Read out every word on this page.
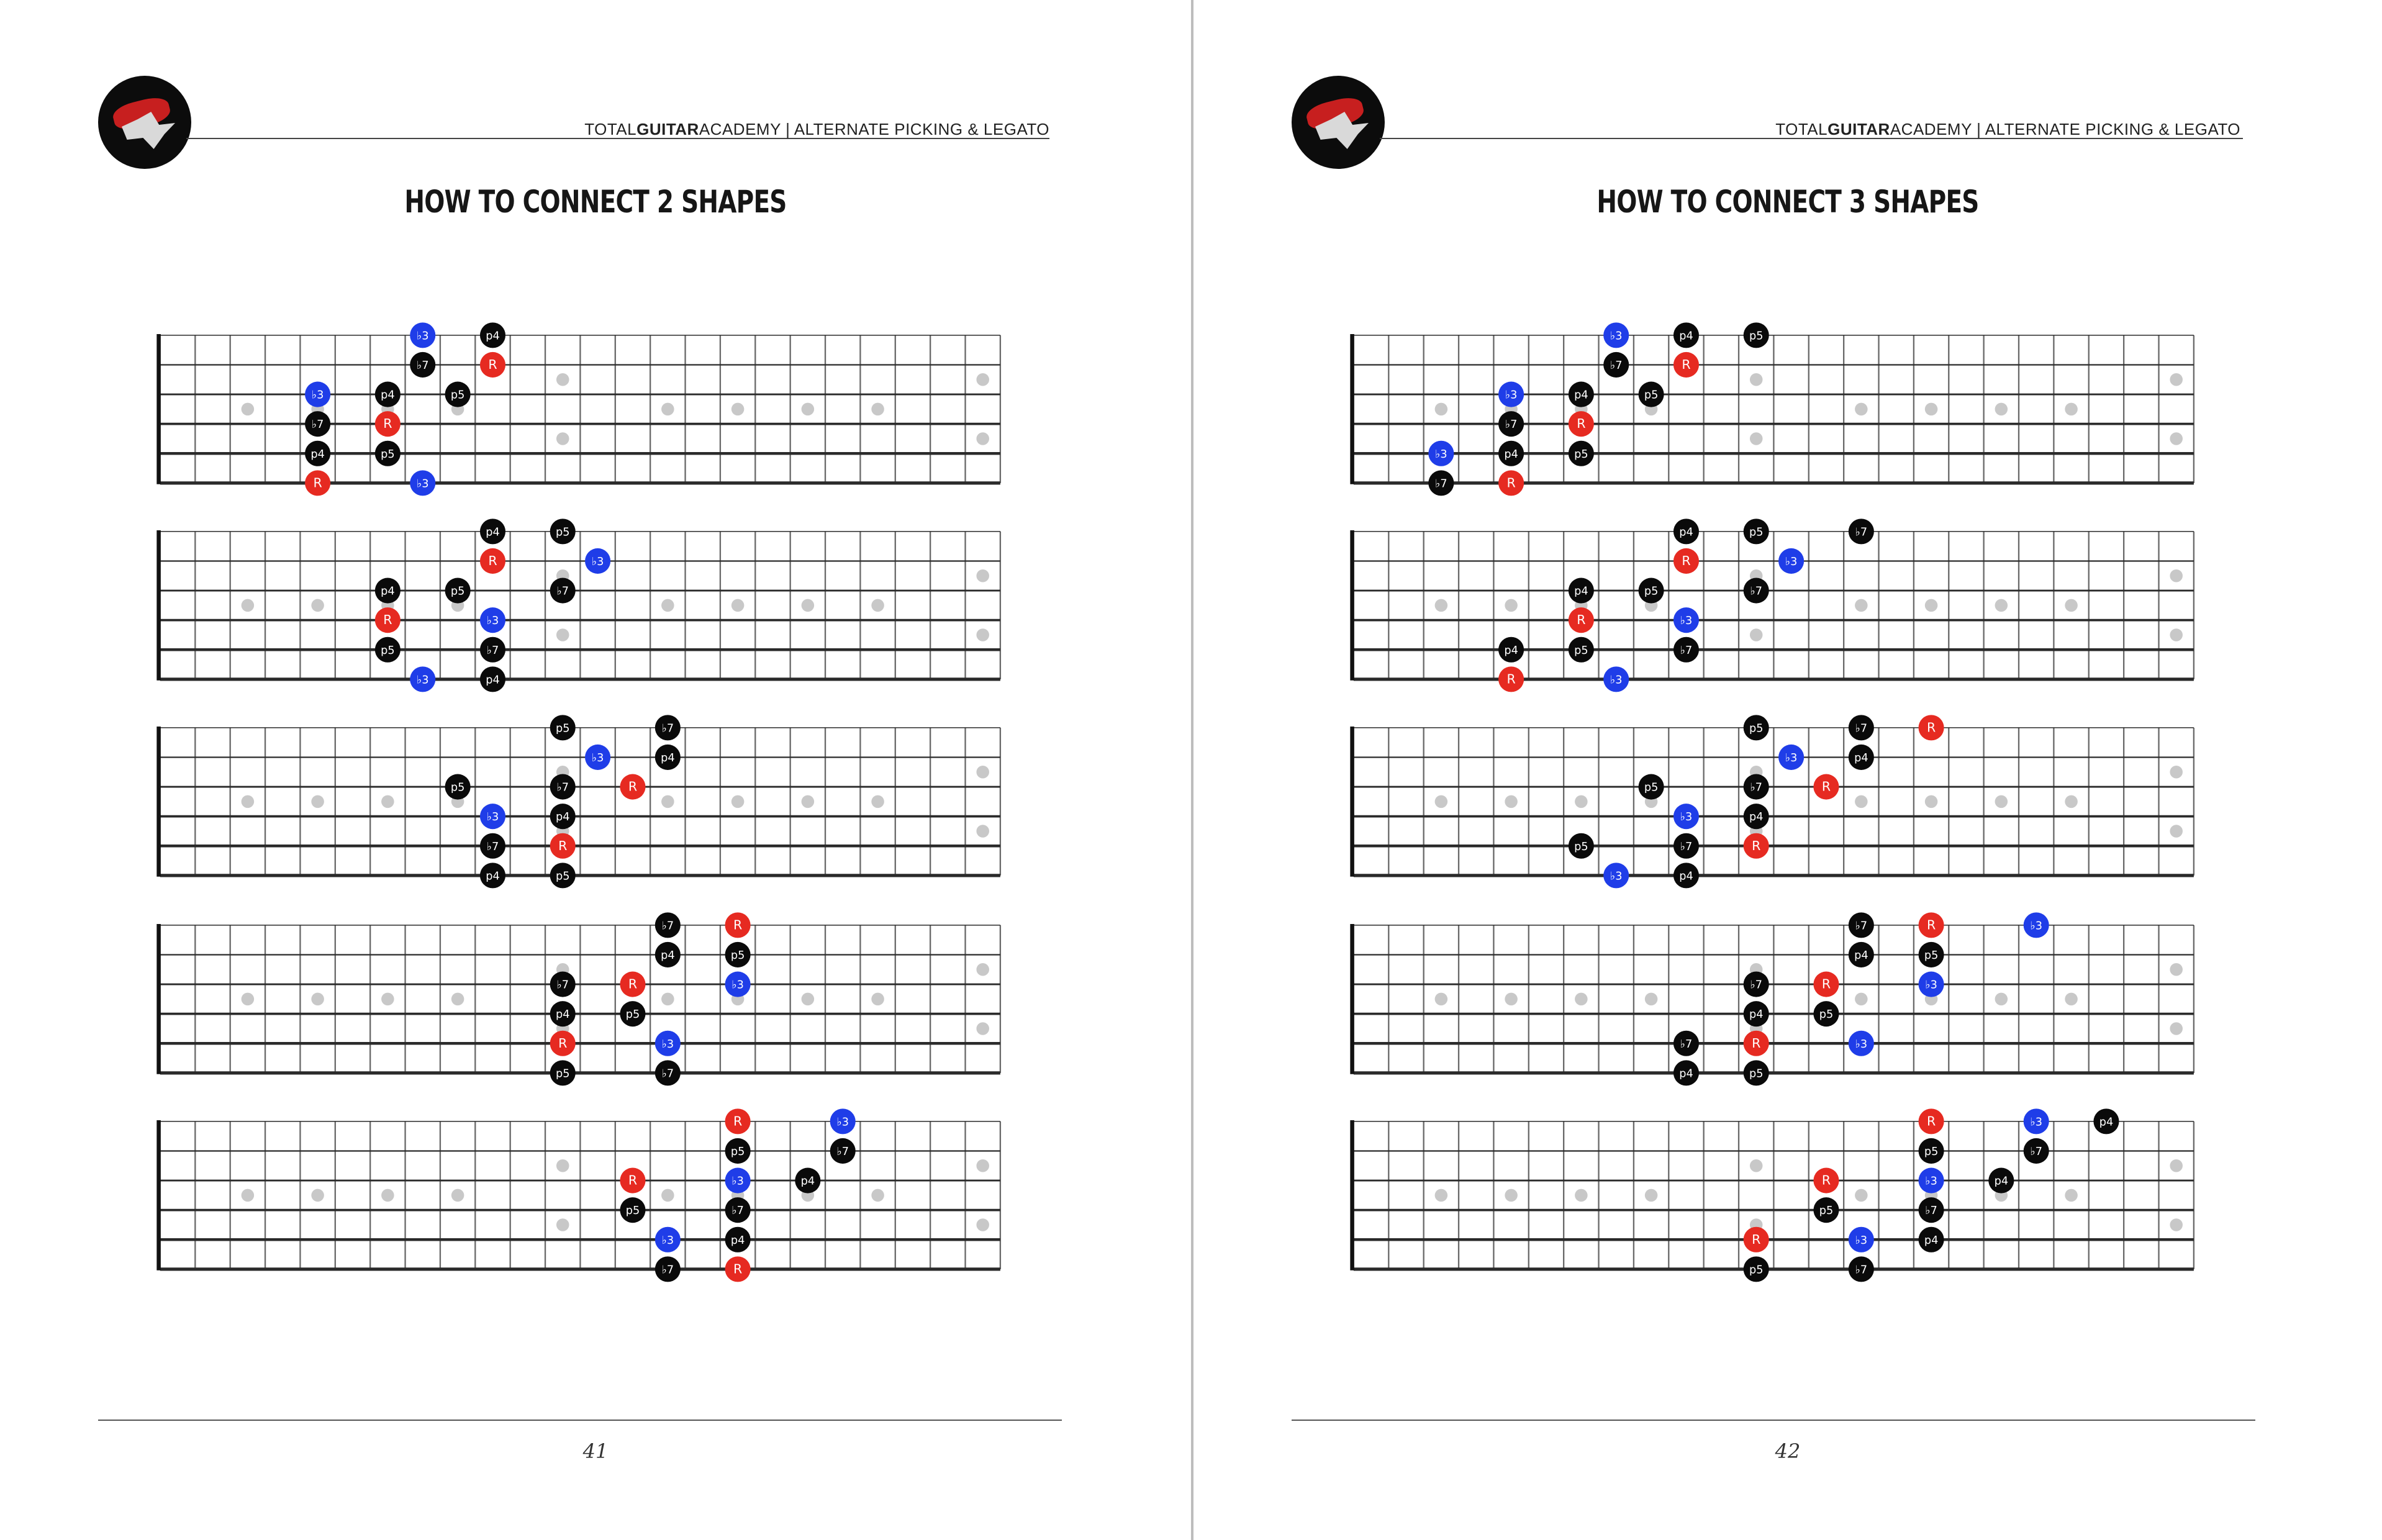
TOTALGUITARACADEMY | ALTERNATE PICKING & LEGATO
HOW TO CONNECT 2 SHAPES
♭3	p4
♭7	R
♭3	p4	p5
♭7	R
p4	p5
R	♭3
p4	p5
R	♭3
p4	p5	♭7
R	♭3
p5	♭7
♭3	p4
p5	♭7
♭3	p4
p5	♭7	R
♭3	p4
♭7	R
p4	p5
♭7	R
p4	p5
♭7	R	♭3
p4	p5
R	♭3
p5	♭7
R	♭3
p5	♭7
R	♭3	p4
p5	♭7
♭3	p4
♭7	R
41
TOTALGUITARACADEMY | ALTERNATE PICKING & LEGATO
HOW TO CONNECT 3 SHAPES
♭3	p4	p5
♭7	R
♭3	p4	p5
♭7	R
♭3	p4	p5
♭7	R
p4	p5	♭7
R	♭3
p4	p5	♭7
R	♭3
p4	p5	♭7
R	♭3
p5	♭7	R
♭3	p4
p5	♭7	R
♭3	p4
p5	♭7	R
♭3	p4
♭7	R	♭3
p4	p5
♭7	R	♭3
p4	p5
♭7	R	♭3
p4	p5
R	♭3	p4
p5	♭7
R	♭3	p4
p5	♭7
R	♭3	p4
p5	♭7
42
